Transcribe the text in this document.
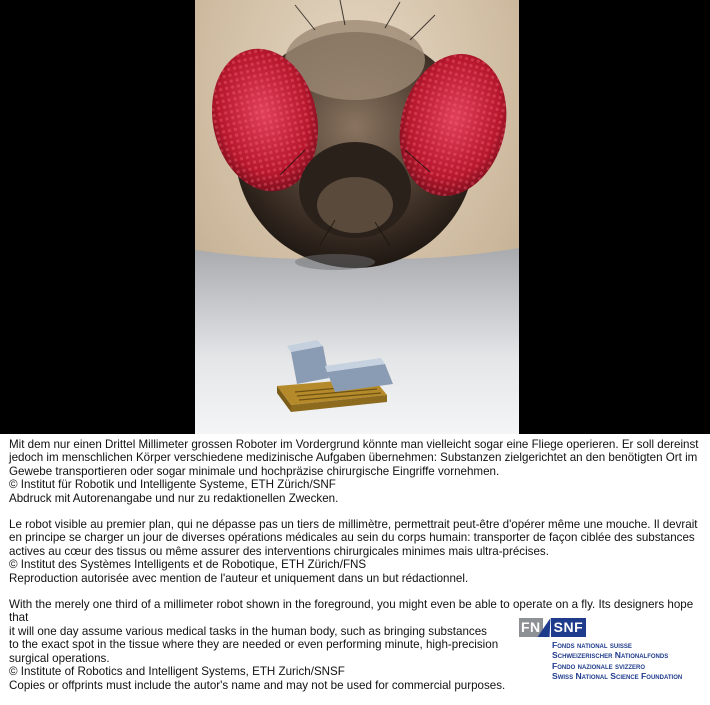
Mit dem nur einen Drittel Millimeter grossen Roboter im Vordergrund könnte man vielleicht sogar eine Fliege operieren. Er soll dereinst jedoch im menschlichen Körper verschiedene medizinische Aufgaben übernehmen: Substanzen zielgerichtet an den benötigten Ort im Gewebe transportieren oder sogar minimale und hochpräzise chirurgische Eingriffe vornehmen.

© Institut für Robotik und Intelligente Systeme, ETH Zürich/SNF

Abdruck mit Autorenangabe und nur zu redaktionellen Zwecken.

Le robot visible au premier plan, qui ne dépasse pas un tiers de millimètre, permettrait peut-être d'opérer même une mouche. Il devrait en principe se charger un jour de diverses opérations médicales au sein du corps humain: transporter de façon ciblée des substances actives au cœur des tissus ou même assurer des interventions chirurgicales minimes mais ultra-précises.

© Institut des Systèmes Intelligents et de Robotique, ETH Zürich/FNS

Reproduction autorisée avec mention de l'auteur et uniquement dans un but rédactionnel.

With the merely one third of a millimeter robot shown in the foreground, you might even be able to operate on a fly. Its designers hope that

it will one day assume various medical tasks in the human body, such as bringing substances to the exact spot in the tissue where they are needed or even performing minute, high-precision surgical operations.

© Institute of Robotics and Intelligent Systems, ETH Zurich/SNSF

Copies or offprints must include the autor's name and may not be used for commercial purposes.

FN SNF
Fonds national suisse
Schweizerischer Nationalfonds
Fondo nazionale svizzero
Swiss National Science Foundation
